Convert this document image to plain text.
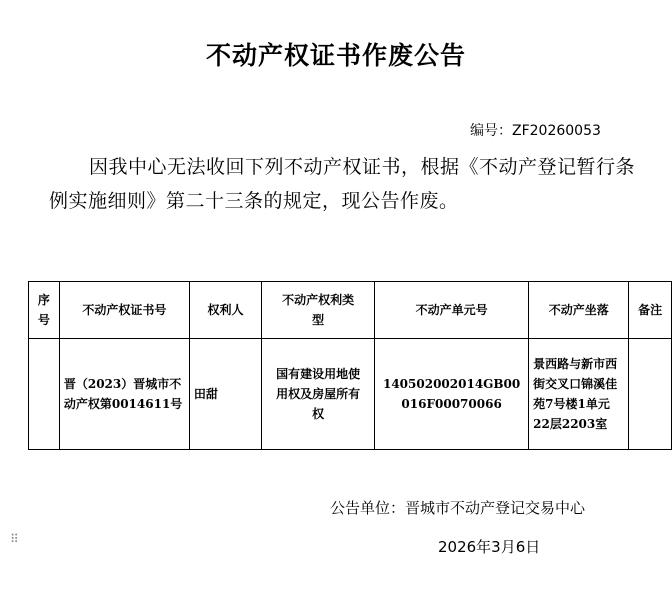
不动产权证书作废公告
编号：ZF20260053
因我中心无法收回下列不动产权证书，根据《不动产登记暂行条例实施细则》第二十三条的规定，现公告作废。
序号	不动产权证书号	权利人	不动产权利类型	不动产单元号	不动产坐落	备注
	晋（2023）晋城市不动产权第0014611号	田甜	国有建设用地使用权及房屋所有权	140502002014GB00016F00070066	景西路与新市西街交叉口锦溪佳苑7号楼1单元22层2203室	
公告单位：晋城市不动产登记交易中心
2026年3月6日
⠿
